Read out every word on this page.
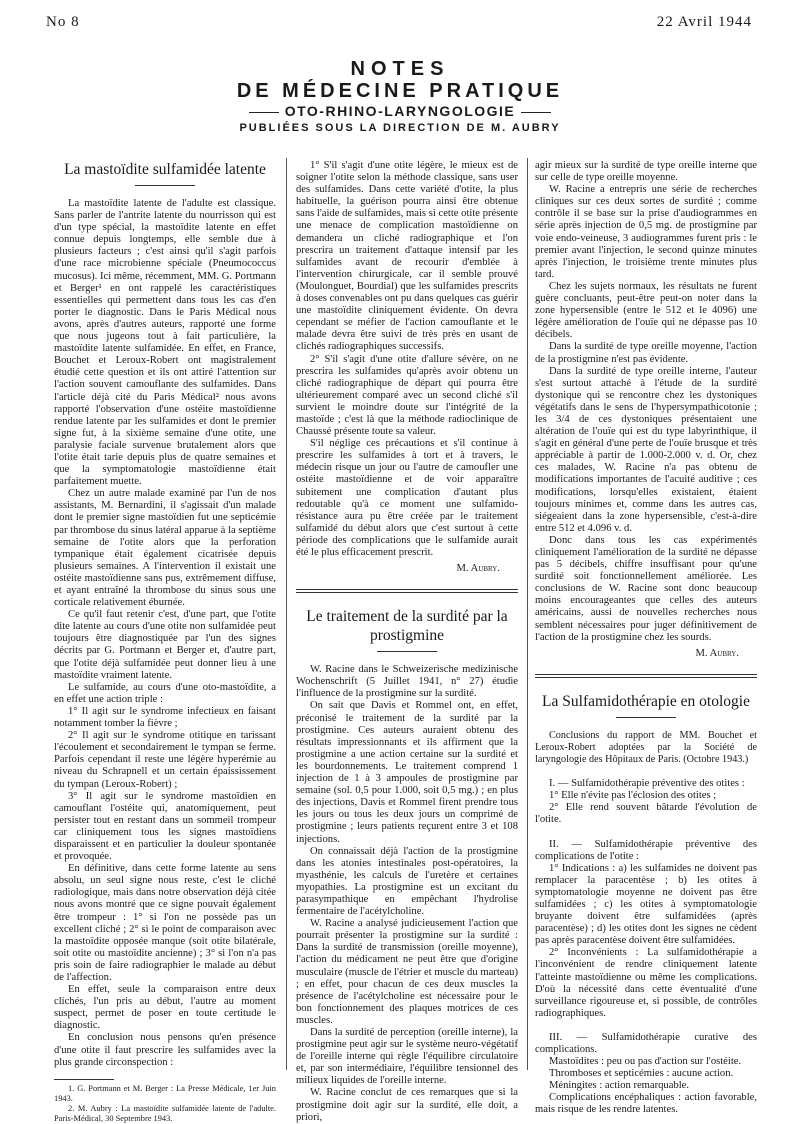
No 8	22 Avril 1944
NOTES
DE MÉDECINE PRATIQUE
OTO-RHINO-LARYNGOLOGIE
PUBLIÉES SOUS LA DIRECTION DE M. AUBRY
La mastoïdite sulfamidée latente

La mastoïdite latente de l'adulte est classique. Sans parler de l'antrite latente du nourrisson qui est d'un type spécial, la mastoïdite latente en effet connue depuis longtemps, elle semble due à plusieurs facteurs ; c'est ainsi qu'il s'agit parfois d'une race microbienne spéciale (Pneumococcus mucosus). Ici même, récemment, MM. G. Portmann et Berger¹ en ont rappelé les caractéristiques essentielles qui permettent dans tous les cas d'en porter le diagnostic. Dans le Paris Médical nous avons, après d'autres auteurs, rapporté une forme que nous jugeons tout à fait particulière, la mastoïdite latente sulfamidée. En effet, en France, Bouchet et Leroux-Robert ont magistralement étudié cette question et ils ont attiré l'attention sur l'action souvent camouflante des sulfamides. Dans l'article déjà cité du Paris Médical² nous avons rapporté l'observation d'une ostéite mastoïdienne rendue latente par les sulfamides et dont le premier signe fut, à la sixième semaine d'une otite, une paralysie faciale survenue brutalement alors que l'otite était tarie depuis plus de quatre semaines et que la symptomatologie mastoïdienne était parfaitement muette.

Chez un autre malade examiné par l'un de nos assistants, M. Bernardini, il s'agissait d'un malade dont le premier signe mastoïdien fut une septicémie par thrombose du sinus latéral apparue à la septième semaine de l'otite alors que la perforation tympanique était également cicatrisée depuis plusieurs semaines. A l'intervention il existait une ostéite mastoïdienne sans pus, extrêmement diffuse, et ayant entraîné la thrombose du sinus sous une corticale relativement éburnée.

Ce qu'il faut retenir c'est, d'une part, que l'otite dite latente au cours d'une otite non sulfamidée peut toujours être diagnostiquée par l'un des signes décrits par G. Portmann et Berger et, d'autre part, que l'otite déjà sulfamidée peut donner lieu à une mastoïdite vraiment latente.

Le sulfamide, au cours d'une oto-mastoïdite, a en effet une action triple :

1° Il agit sur le syndrome infectieux en faisant notamment tomber la fièvre ;

2° Il agit sur le syndrome otitique en tarissant l'écoulement et secondairement le tympan se ferme. Parfois cependant il reste une légère hyperémie au niveau du Schrapnell et un certain épaississement du tympan (Leroux-Robert) ;

3° Il agit sur le syndrome mastoïdien en camouflant l'ostéite qui, anatomiquement, peut persister tout en restant dans un sommeil trompeur car cliniquement tous les signes mastoïdiens disparaissent et en particulier la douleur spontanée et provoquée.

En définitive, dans cette forme latente au sens absolu, un seul signe nous reste, c'est le cliché radiologique, mais dans notre observation déjà citée nous avons montré que ce signe pouvait également être trompeur : 1° si l'on ne possède pas un excellent cliché ; 2° si le point de comparaison avec la mastoïdite opposée manque (soit otite bilatérale, soit otite ou mastoïdite ancienne) ; 3° si l'on n'a pas pris soin de faire radiographier le malade au début de l'affection.

En effet, seule la comparaison entre deux clichés, l'un pris au début, l'autre au moment suspect, permet de poser en toute certitude le diagnostic.

En conclusion nous pensons qu'en présence d'une otite il faut prescrire les sulfamides avec la plus grande circonspection :

1. G. Portmann et M. Berger : La Presse Médicale, 1er Juin 1943.

2. M. Aubry : La mastoïdite sulfamidée latente de l'adulte. Paris-Médical, 30 Septembre 1943.

1° S'il s'agit d'une otite légère, le mieux est de soigner l'otite selon la méthode classique, sans user des sulfamides. Dans cette variété d'otite, la plus habituelle, la guérison pourra ainsi être obtenue sans l'aide de sulfamides, mais si cette otite présente une menace de complication mastoïdienne on demandera un cliché radiographique et l'on prescrira un traitement d'attaque intensif par les sulfamides avant de recourir d'emblée à l'intervention chirurgicale, car il semble prouvé (Moulonguet, Bourdial) que les sulfamides prescrits à doses convenables ont pu dans quelques cas guérir une mastoïdite cliniquement évidente. On devra cependant se méfier de l'action camouflante et le malade devra être suivi de très près en usant de clichés radiographiques successifs.

2° S'il s'agit d'une otite d'allure sévère, on ne prescrira les sulfamides qu'après avoir obtenu un cliché radiographique de départ qui pourra être ultérieurement comparé avec un second cliché s'il survient le moindre doute sur l'intégrité de la mastoïde ; c'est là que la méthode radioclinique de Chaussé présente toute sa valeur.

S'il néglige ces précautions et s'il continue à prescrire les sulfamides à tort et à travers, le médecin risque un jour ou l'autre de camoufler une ostéite mastoïdienne et de voir apparaître subitement une complication d'autant plus redoutable qu'à ce moment une sulfamido-résistance aura pu être créée par le traitement sulfamidé du début alors que c'est surtout à cette période des complications que le sulfamide aurait été le plus efficacement prescrit.

M. Aubry.
Le traitement de la surdité par la prostigmine

W. Racine dans le Schweizerische medizinische Wochenschrift (5 Juillet 1941, n° 27) étudie l'influence de la prostigmine sur la surdité.

On sait que Davis et Rommel ont, en effet, préconisé le traitement de la surdité par la prostigmine. Ces auteurs auraient obtenu des résultats impressionnants et ils affirment que la prostigmine a une action certaine sur la surdité et les bourdonnements. Le traitement comprend 1 injection de 1 à 3 ampoules de prostigmine par semaine (sol. 0,5 pour 1.000, soit 0,5 mg.) ; en plus des injections, Davis et Rommel firent prendre tous les jours ou tous les deux jours un comprimé de prostigmine ; leurs patients reçurent entre 3 et 108 injections.

On connaissait déjà l'action de la prostigmine dans les atonies intestinales post-opératoires, la myasthénie, les calculs de l'uretère et certaines myopathies. La prostigmine est un excitant du parasympathique en empêchant l'hydrolise fermentaire de l'acétylcholine.

W. Racine a analysé judicieusement l'action que pourrait présenter la prostigmine sur la surdité : Dans la surdité de transmission (oreille moyenne), l'action du médicament ne peut être que d'origine musculaire (muscle de l'étrier et muscle du marteau) ; en effet, pour chacun de ces deux muscles la présence de l'acétylcholine est nécessaire pour le bon fonctionnement des plaques motrices de ces muscles.

Dans la surdité de perception (oreille interne), la prostigmine peut agir sur le système neuro-végétatif de l'oreille interne qui règle l'équilibre circulatoire et, par son intermédiaire, l'équilibre tensionnel des milieux liquides de l'oreille interne.

W. Racine conclut de ces remarques que si la prostigmine doit agir sur la surdité, elle doit, a priori,

agir mieux sur la surdité de type oreille interne que sur celle de type oreille moyenne.

W. Racine a entrepris une série de recherches cliniques sur ces deux sortes de surdité ; comme contrôle il se base sur la prise d'audiogrammes en série après injection de 0,5 mg. de prostigmine par voie endo-veineuse, 3 audiogrammes furent pris : le premier avant l'injection, le second quinze minutes après l'injection, le troisième trente minutes plus tard.

Chez les sujets normaux, les résultats ne furent guère concluants, peut-être peut-on noter dans la zone hypersensible (entre le 512 et le 4096) une légère amélioration de l'ouïe qui ne dépasse pas 10 décibels.

Dans la surdité de type oreille moyenne, l'action de la prostigmine n'est pas évidente.

Dans la surdité de type oreille interne, l'auteur s'est surtout attaché à l'étude de la surdité dystonique qui se rencontre chez les dystoniques végétatifs dans le sens de l'hypersympathicotonie ; les 3/4 de ces dystoniques présentaient une altération de l'ouïe qui est du type labyrinthique, il s'agit en général d'une perte de l'ouïe brusque et très appréciable à partir de 1.000-2.000 v. d. Or, chez ces malades, W. Racine n'a pas obtenu de modifications importantes de l'acuité auditive ; ces modifications, lorsqu'elles existaient, étaient toujours minimes et, comme dans les autres cas, siégeaient dans la zone hypersensible, c'est-à-dire entre 512 et 4.096 v. d.

Donc dans tous les cas expérimentés cliniquement l'amélioration de la surdité ne dépasse pas 5 décibels, chiffre insuffisant pour qu'une surdité soit fonctionnellement améliorée. Les conclusions de W. Racine sont donc beaucoup moins encourageantes que celles des auteurs américains, aussi de nouvelles recherches nous semblent nécessaires pour juger définitivement de l'action de la prostigmine chez les sourds.

M. Aubry.
La Sulfamidothérapie en otologie

Conclusions du rapport de MM. Bouchet et Leroux-Robert adoptées par la Société de laryngologie des Hôpitaux de Paris. (Octobre 1943.)

I. — Sulfamidothérapie préventive des otites :

1° Elle n'évite pas l'éclosion des otites ;

2° Elle rend souvent bâtarde l'évolution de l'otite.

II. — Sulfamidothérapie préventive des complications de l'otite :

1° Indications : a) les sulfamides ne doivent pas remplacer la paracentèse ; b) les otites à symptomatologie moyenne ne doivent pas être sulfamidées ; c) les otites à symptomatologie bruyante doivent être sulfamidées (après paracentèse) ; d) les otites dont les signes ne cèdent pas après paracentèse doivent être sulfamidées.

2° Inconvénients : La sulfamidothérapie a l'inconvénient de rendre cliniquement latente l'atteinte mastoïdienne ou même les complications. D'où la nécessité dans cette éventualité d'une surveillance rigoureuse et, si possible, de contrôles radiographiques.

III. — Sulfamidothérapie curative des complications.

Mastoïdites : peu ou pas d'action sur l'ostéite.

Thromboses et septicémies : aucune action.

Méningites : action remarquable.

Complications encéphaliques : action favorable, mais risque de les rendre latentes.
